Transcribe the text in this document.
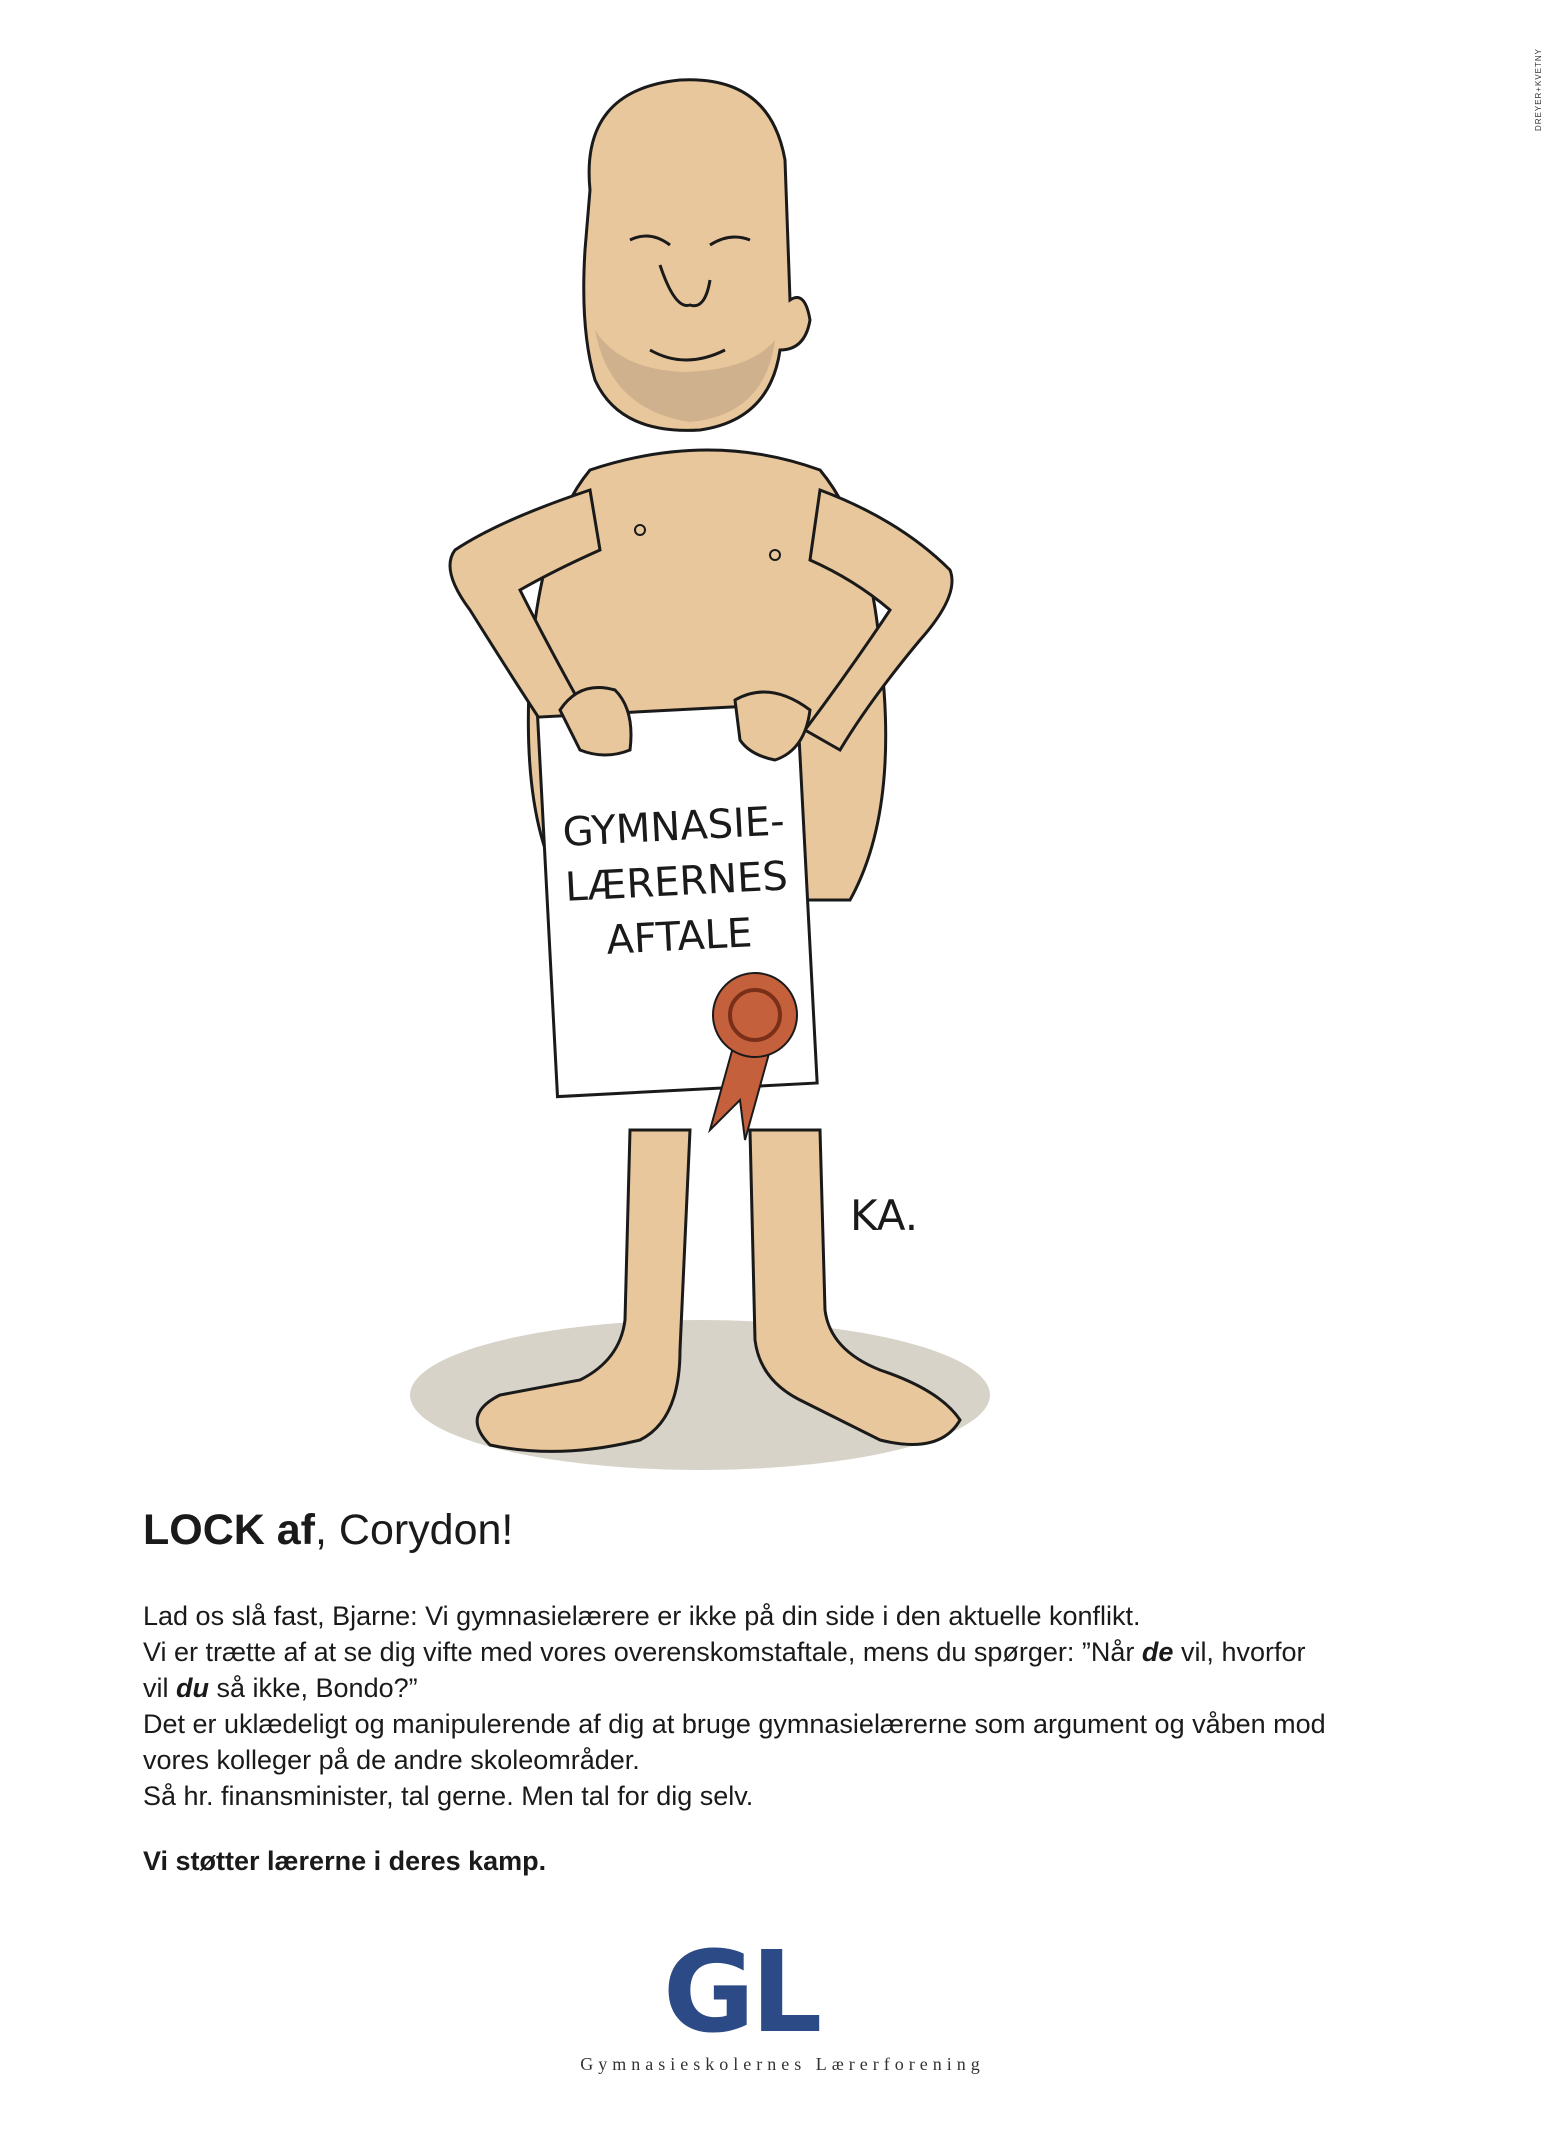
DREYER+KVETNY
GYMNASIE-
LÆRERNES
AFTALE
KA.
LOCK af, Corydon!

Lad os slå fast, Bjarne: Vi gymnasielærere er ikke på din side i den aktuelle konflikt.

Vi er trætte af at se dig vifte med vores overenskomstaftale, mens du spørger: ”Når de vil, hvorfor

vil du så ikke, Bondo?”

Det er uklædeligt og manipulerende af dig at bruge gymnasielærerne som argument og våben mod

vores kolleger på de andre skoleområder.

Så hr. finansminister, tal gerne. Men tal for dig selv.

Vi støtter lærerne i deres kamp.

GL
Gymnasieskolernes Lærerforening
